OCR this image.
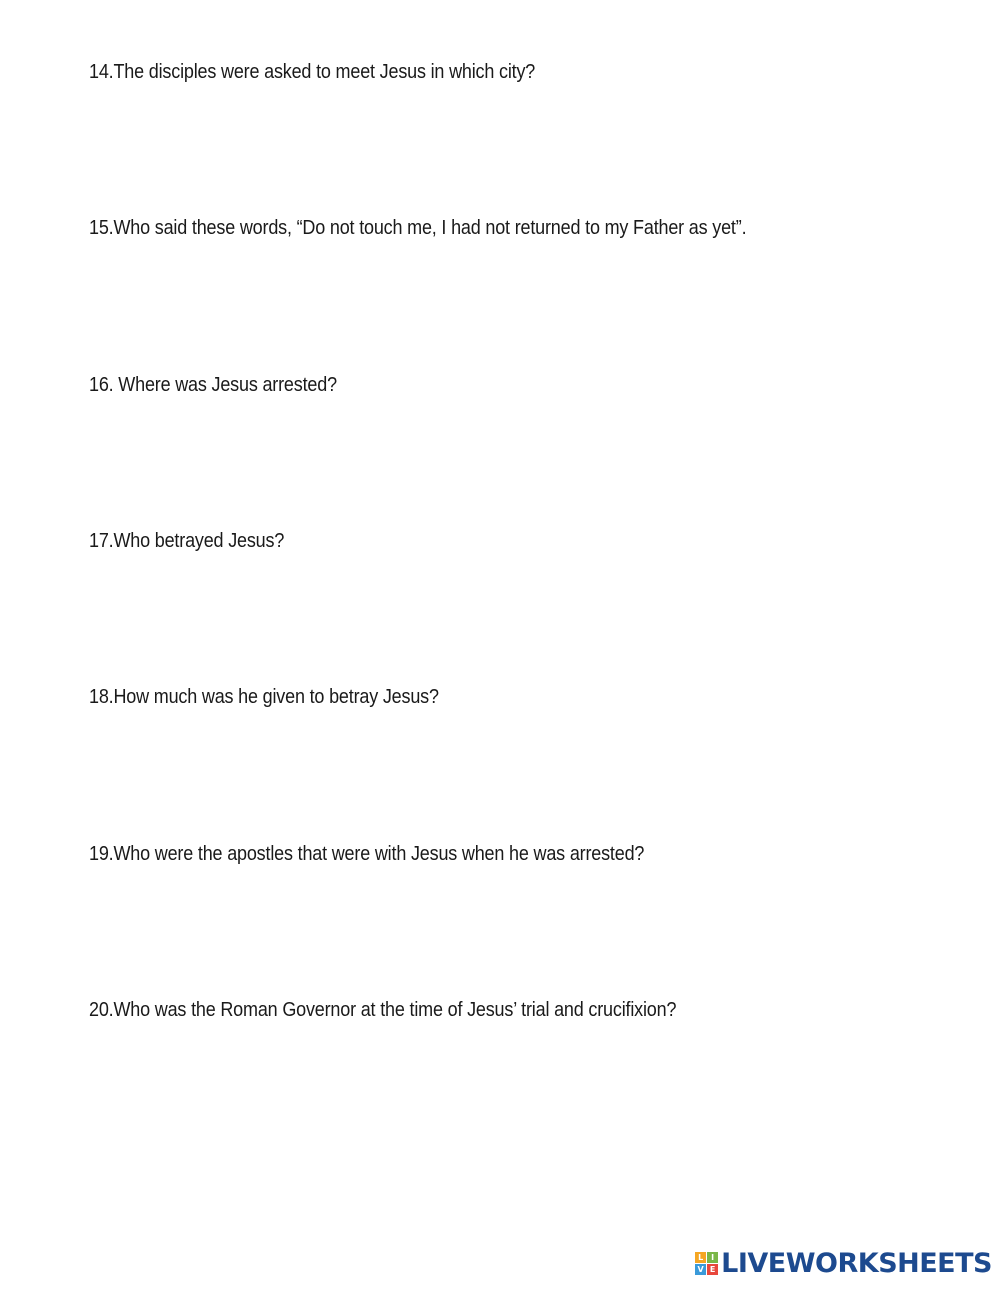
14.The disciples were asked to meet Jesus in which city?
15.Who said these words, “Do not touch me, I had not returned to my Father as yet”.
16. Where was Jesus arrested?
17.Who betrayed Jesus?
18.How much was he given to betray Jesus?
19.Who were the apostles that were with Jesus when he was arrested?
20.Who was the Roman Governor at the time of Jesus’ trial and crucifixion?
L I
V E LIVEWORKSHEETS
